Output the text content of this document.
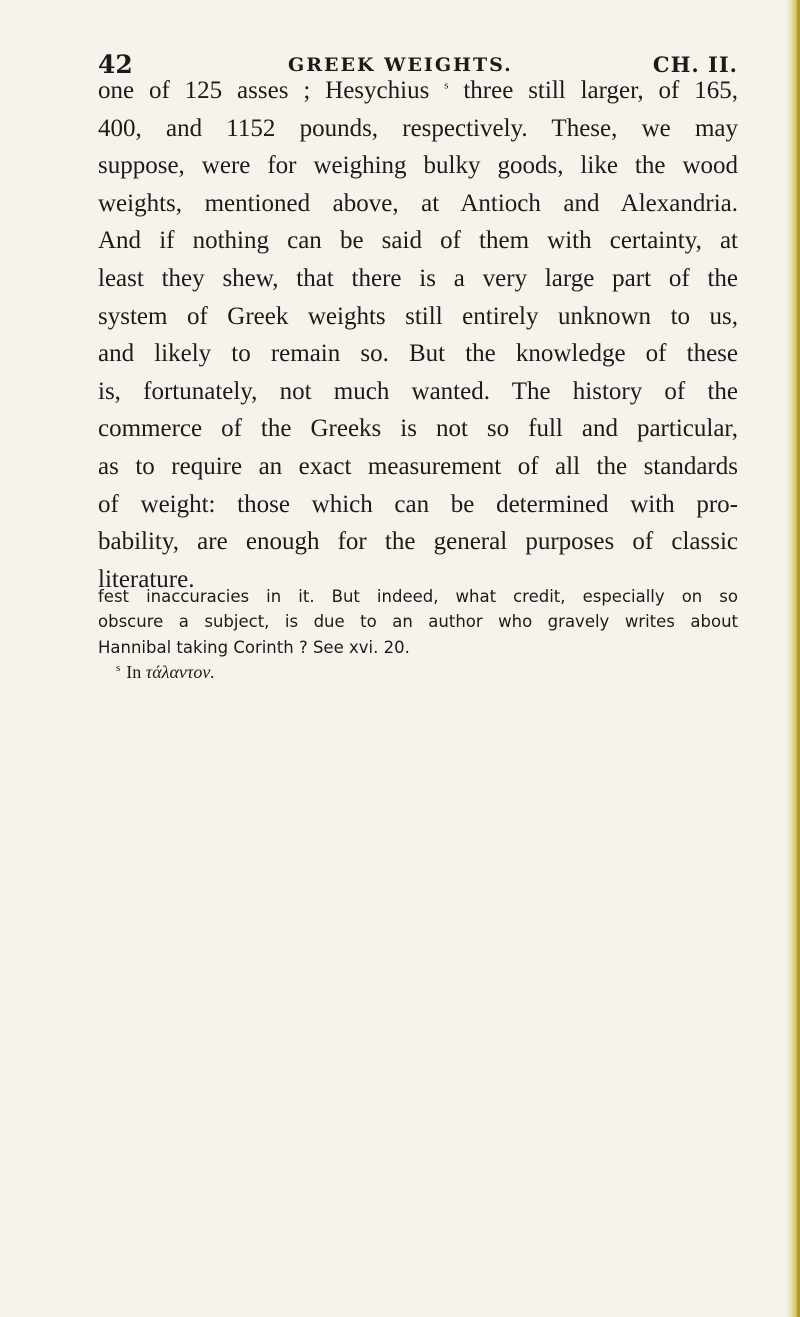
42	GREEK WEIGHTS.	CH. II.
one of 125 asses ; Hesychius $^s$ three still larger, of 165,
400, and 1152 pounds, respectively. These, we may
suppose, were for weighing bulky goods, like the wood
weights, mentioned above, at Antioch and Alexandria.
And if nothing can be said of them with certainty, at
least they shew, that there is a very large part of the
system of Greek weights still entirely unknown to us,
and likely to remain so. But the knowledge of these
is, fortunately, not much wanted. The history of the
commerce of the Greeks is not so full and particular,
as to require an exact measurement of all the standards
of weight: those which can be determined with pro-
bability, are enough for the general purposes of classic
literature.
fest inaccuracies in it. But indeed, what credit, especially on so
obscure a subject, is due to an author who gravely writes about
Hannibal taking Corinth ? See xvi. 20.
$^s$ In τάλαντον.
